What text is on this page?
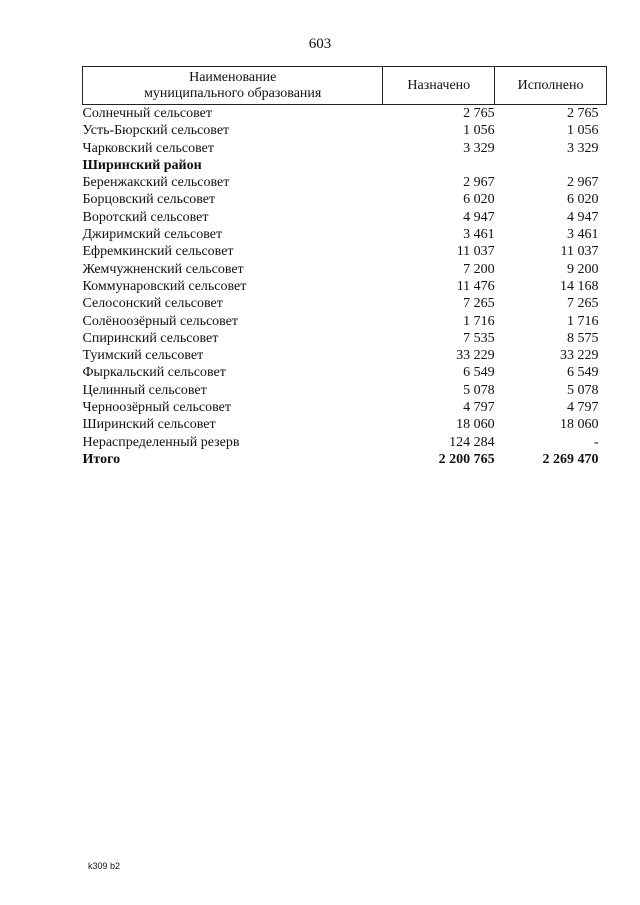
603
Наименование
муниципального образования	Назначено	Исполнено
Солнечный сельсовет	2 765	2 765
Усть-Бюрский сельсовет	1 056	1 056
Чарковский сельсовет	3 329	3 329
Ширинский район		
Беренжакский сельсовет	2 967	2 967
Борцовский сельсовет	6 020	6 020
Воротский сельсовет	4 947	4 947
Джиримский сельсовет	3 461	3 461
Ефремкинский сельсовет	11 037	11 037
Жемчужненский сельсовет	7 200	9 200
Коммунаровский сельсовет	11 476	14 168
Селосонский сельсовет	7 265	7 265
Солёноозёрный сельсовет	1 716	1 716
Спиринский сельсовет	7 535	8 575
Туимский сельсовет	33 229	33 229
Фыркальский сельсовет	6 549	6 549
Целинный сельсовет	5 078	5 078
Черноозёрный сельсовет	4 797	4 797
Ширинский сельсовет	18 060	18 060
Нераспределенный резерв	124 284	-
Итого	2 200 765	2 269 470
k309 b2
